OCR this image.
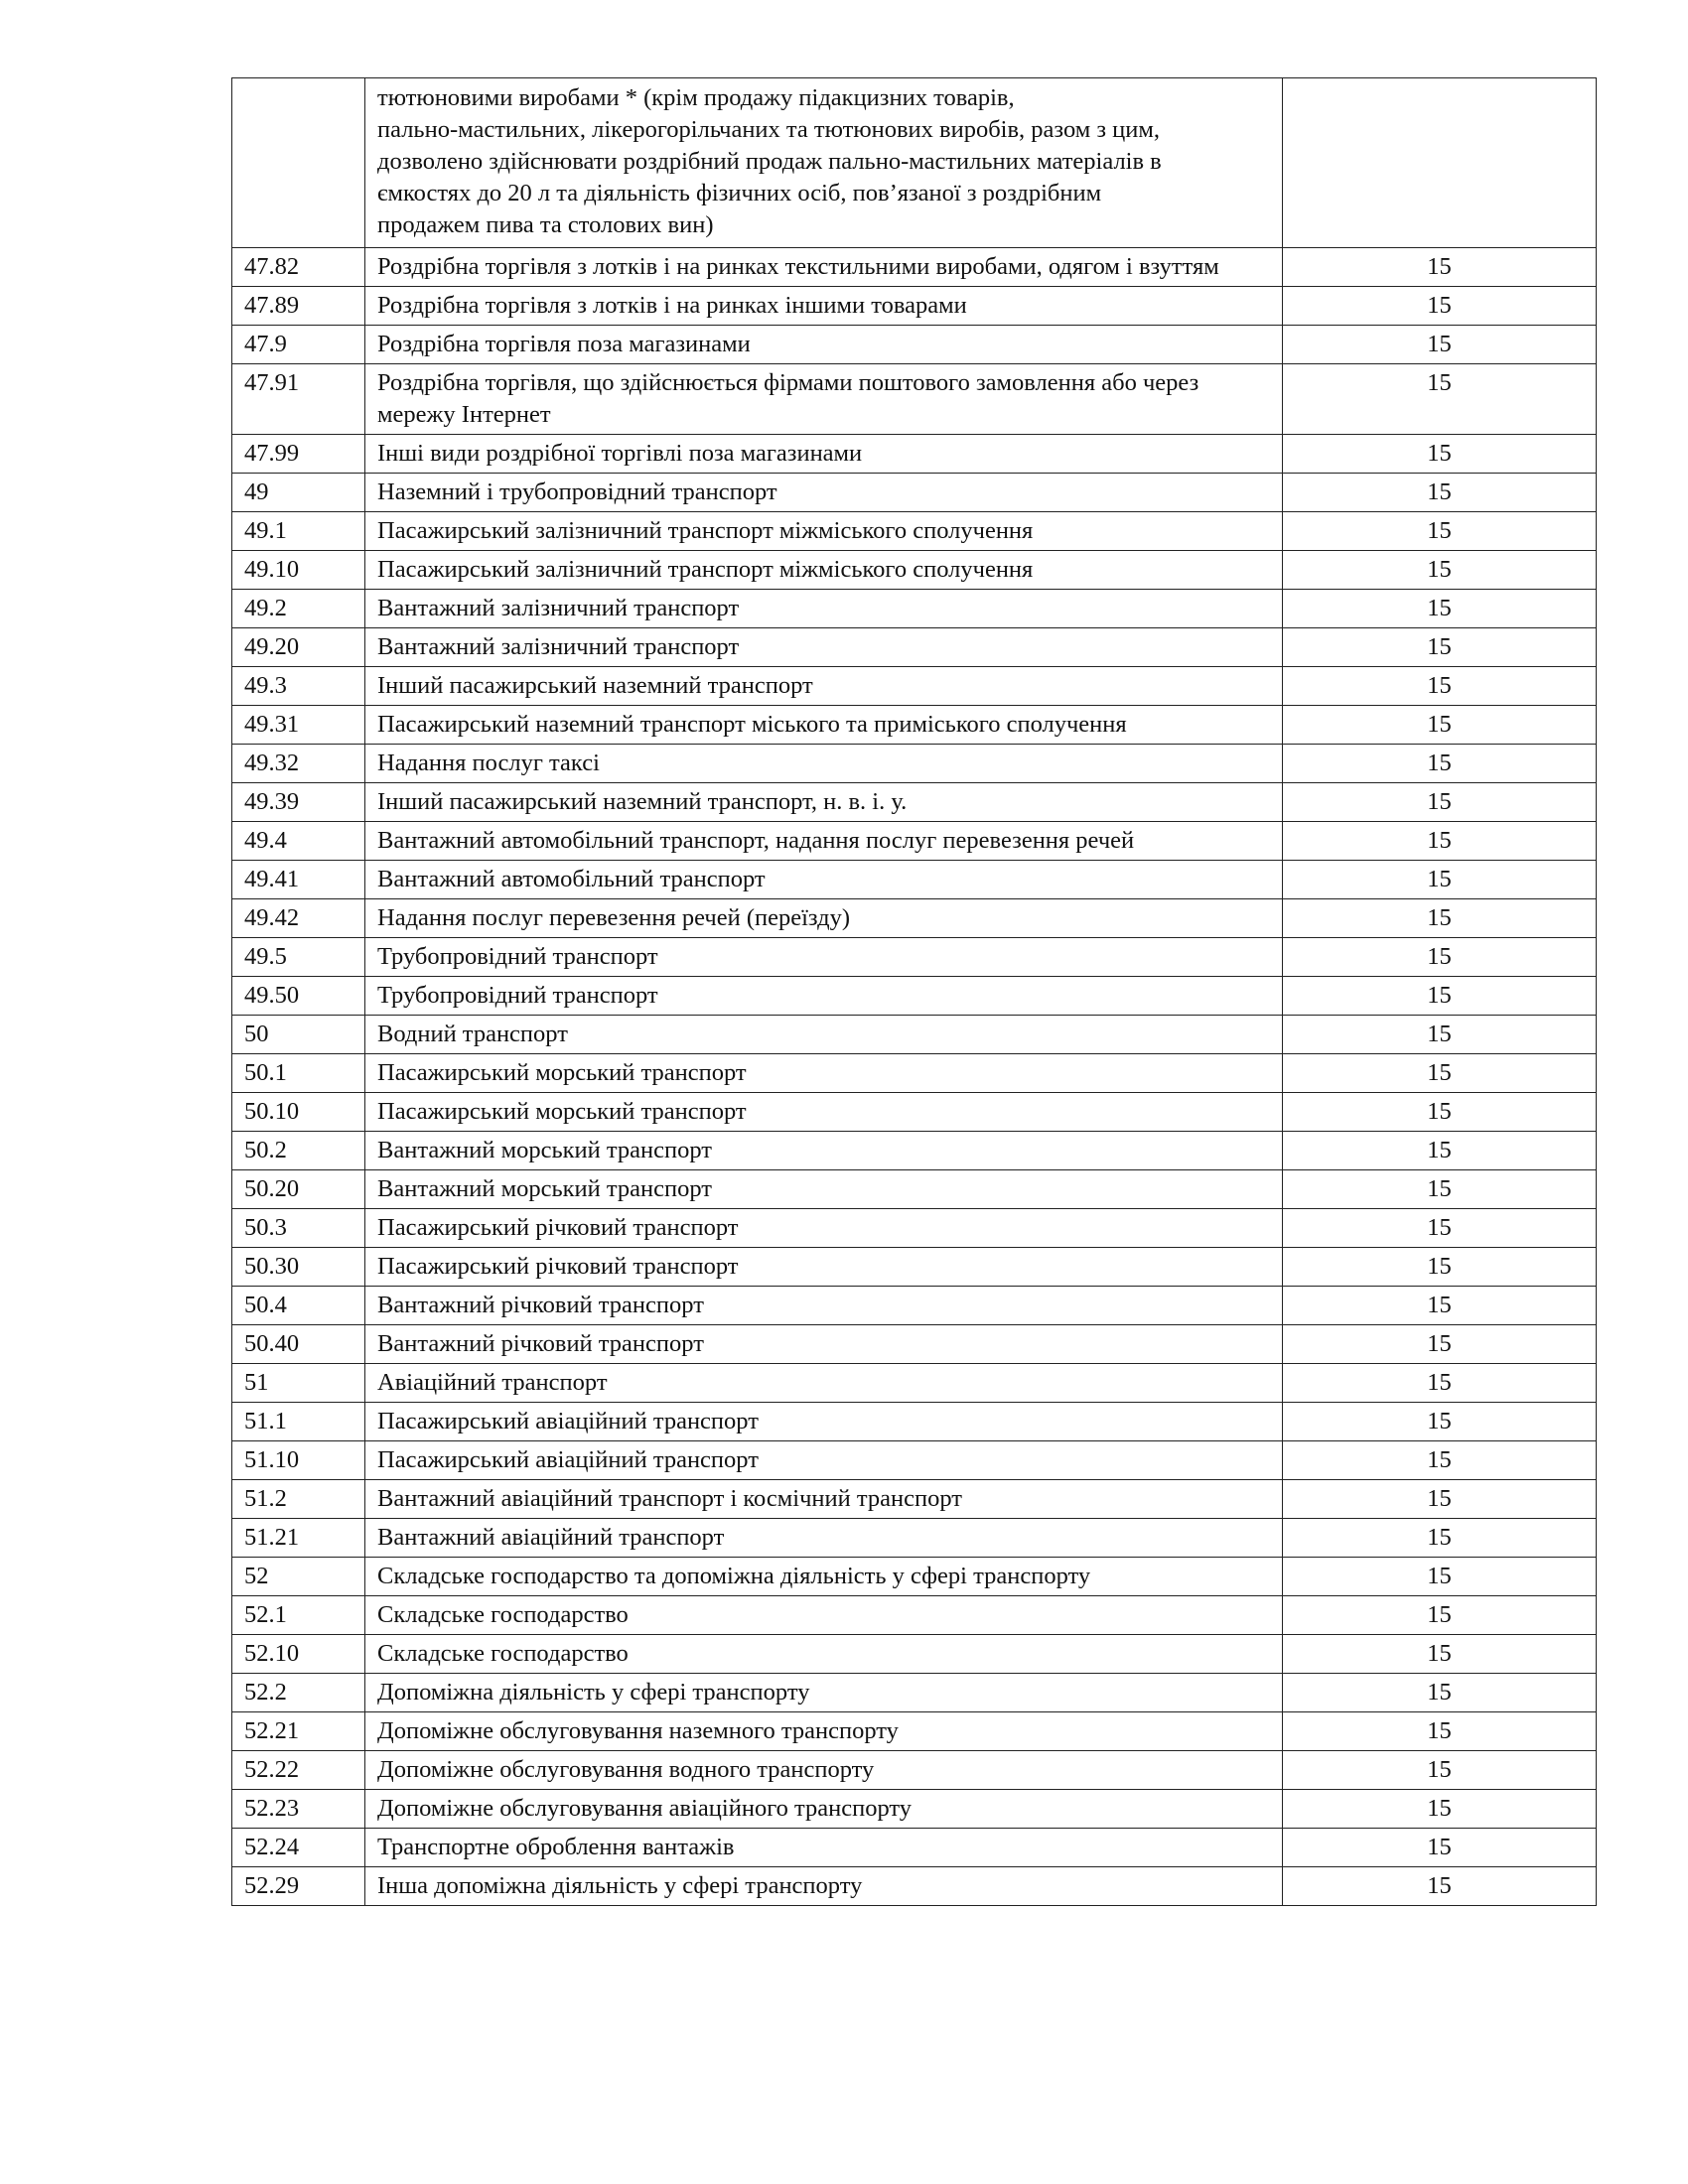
	тютюновими виробами * (крім продажу підакцизних товарів,
пально-мастильних, лікерогорільчаних та тютюнових виробів, разом з цим,
дозволено здійснювати роздрібний продаж пально-мастильних матеріалів в
ємкостях до 20 л та діяльність фізичних осіб, пов’язаної з роздрібним
продажем пива та столових вин)	
47.82	Роздрібна торгівля з лотків і на ринках текстильними виробами, одягом і взуттям	15
47.89	Роздрібна торгівля з лотків і на ринках іншими товарами	15
47.9	Роздрібна торгівля поза магазинами	15
47.91	Роздрібна торгівля, що здійснюється фірмами поштового замовлення або через мережу Інтернет	15
47.99	Інші види роздрібної торгівлі поза магазинами	15
49	Наземний і трубопровідний транспорт	15
49.1	Пасажирський залізничний транспорт міжміського сполучення	15
49.10	Пасажирський залізничний транспорт міжміського сполучення	15
49.2	Вантажний залізничний транспорт	15
49.20	Вантажний залізничний транспорт	15
49.3	Інший пасажирський наземний транспорт	15
49.31	Пасажирський наземний транспорт міського та приміського сполучення	15
49.32	Надання послуг таксі	15
49.39	Інший пасажирський наземний транспорт, н. в. і. у.	15
49.4	Вантажний автомобільний транспорт, надання послуг перевезення речей	15
49.41	Вантажний автомобільний транспорт	15
49.42	Надання послуг перевезення речей (переїзду)	15
49.5	Трубопровідний транспорт	15
49.50	Трубопровідний транспорт	15
50	Водний транспорт	15
50.1	Пасажирський морський транспорт	15
50.10	Пасажирський морський транспорт	15
50.2	Вантажний морський транспорт	15
50.20	Вантажний морський транспорт	15
50.3	Пасажирський річковий транспорт	15
50.30	Пасажирський річковий транспорт	15
50.4	Вантажний річковий транспорт	15
50.40	Вантажний річковий транспорт	15
51	Авіаційний транспорт	15
51.1	Пасажирський авіаційний транспорт	15
51.10	Пасажирський авіаційний транспорт	15
51.2	Вантажний авіаційний транспорт і космічний транспорт	15
51.21	Вантажний авіаційний транспорт	15
52	Складське господарство та допоміжна діяльність у сфері транспорту	15
52.1	Складське господарство	15
52.10	Складське господарство	15
52.2	Допоміжна діяльність у сфері транспорту	15
52.21	Допоміжне обслуговування наземного транспорту	15
52.22	Допоміжне обслуговування водного транспорту	15
52.23	Допоміжне обслуговування авіаційного транспорту	15
52.24	Транспортне оброблення вантажів	15
52.29	Інша допоміжна діяльність у сфері транспорту	15
